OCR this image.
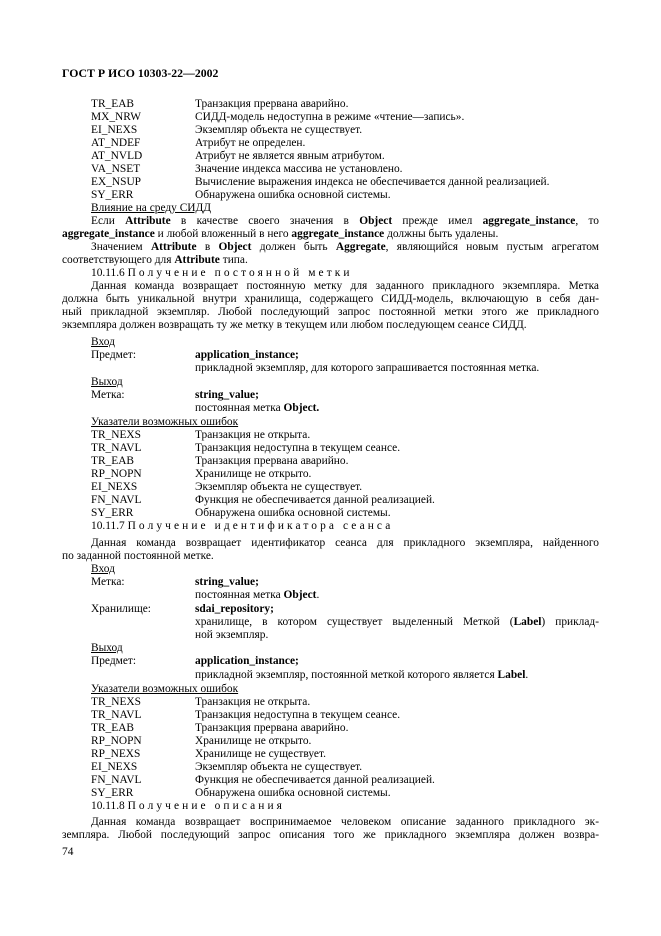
ГОСТ Р ИСО 10303-22—2002
TR_EAB	Транзакция прервана аварийно.
MX_NRW	СИДД-модель недоступна в режиме «чтение—запись».
EI_NEXS	Экземпляр объекта не существует.
AT_NDEF	Атрибут не определен.
AT_NVLD	Атрибут не является явным атрибутом.
VA_NSET	Значение индекса массива не установлено.
EX_NSUP	Вычисление выражения индекса не обеспечивается данной реализацией.
SY_ERR	Обнаружена ошибка основной системы.
Влияние на среду СИДД
Если Attribute в качестве своего значения в Object прежде имел aggregate_instance, то
aggregate_instance и любой вложенный в него aggregate_instance должны быть удалены.
Значением Attribute в Object должен быть Aggregate, являющийся новым пустым агрегатом
соответствующего для Attribute типа.
10.11.6 Получение постоянной метки
Данная команда возвращает постоянную метку для заданного прикладного экземпляра. Метка
должна быть уникальной внутри хранилища, содержащего СИДД-модель, включающую в себя дан-
ный прикладной экземпляр. Любой последующий запрос постоянной метки этого же прикладного
экземпляра должен возвращать ту же метку в текущем или любом последующем сеансе СИДД.
Вход
Предмет:	application_instance;
прикладной экземпляр, для которого запрашивается постоянная метка.
Выход
Метка:	string_value;
постоянная метка Object.
Указатели возможных ошибок
TR_NEXS	Транзакция не открыта.
TR_NAVL	Транзакция недоступна в текущем сеансе.
TR_EAB	Транзакция прервана аварийно.
RP_NOPN	Хранилище не открыто.
EI_NEXS	Экземпляр объекта не существует.
FN_NAVL	Функция не обеспечивается данной реализацией.
SY_ERR	Обнаружена ошибка основной системы.
10.11.7 Получение идентификатора сеанса
Данная команда возвращает идентификатор сеанса для прикладного экземпляра, найденного
по заданной постоянной метке.
Вход
Метка:	string_value;
постоянная метка Object.
Хранилище:	sdai_repository;
хранилище, в котором существует выделенный Меткой (Label) приклад-
ной экземпляр.
Выход
Предмет:	application_instance;
прикладной экземпляр, постоянной меткой которого является Label.
Указатели возможных ошибок
TR_NEXS	Транзакция не открыта.
TR_NAVL	Транзакция недоступна в текущем сеансе.
TR_EAB	Транзакция прервана аварийно.
RP_NOPN	Хранилище не открыто.
RP_NEXS	Хранилище не существует.
EI_NEXS	Экземпляр объекта не существует.
FN_NAVL	Функция не обеспечивается данной реализацией.
SY_ERR	Обнаружена ошибка основной системы.
10.11.8 Получение описания
Данная команда возвращает воспринимаемое человеком описание заданного прикладного эк-
земпляра. Любой последующий запрос описания того же прикладного экземпляра должен возвра-
74
